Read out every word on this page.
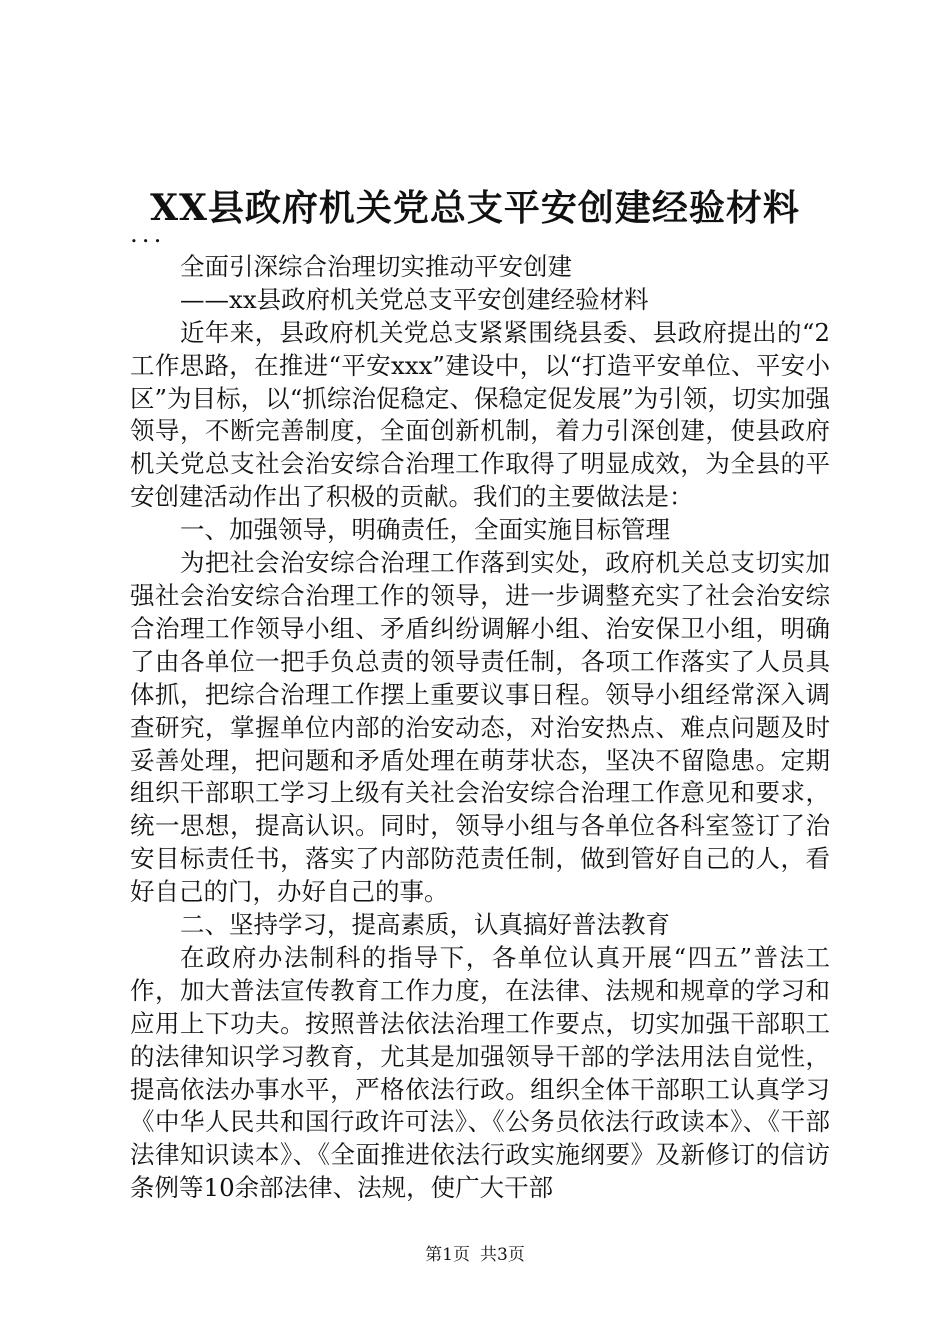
XX县政府机关党总支平安创建经验材料

...

全面引深综合治理切实推动平安创建

——xx县政府机关党总支平安创建经验材料

近年来，县政府机关党总支紧紧围绕县委、县政府提出的“2工作思路，在推进“平安xxx”建设中，以“打造平安单位、平安小区”为目标，以“抓综治促稳定、保稳定促发展”为引领，切实加强领导，不断完善制度，全面创新机制，着力引深创建，使县政府机关党总支社会治安综合治理工作取得了明显成效，为全县的平安创建活动作出了积极的贡献。我们的主要做法是：

一、加强领导，明确责任，全面实施目标管理

为把社会治安综合治理工作落到实处，政府机关总支切实加强社会治安综合治理工作的领导，进一步调整充实了社会治安综合治理工作领导小组、矛盾纠纷调解小组、治安保卫小组，明确了由各单位一把手负总责的领导责任制，各项工作落实了人员具体抓，把综合治理工作摆上重要议事日程。领导小组经常深入调查研究，掌握单位内部的治安动态，对治安热点、难点问题及时妥善处理，把问题和矛盾处理在萌芽状态，坚决不留隐患。定期组织干部职工学习上级有关社会治安综合治理工作意见和要求，统一思想，提高认识。同时，领导小组与各单位各科室签订了治安目标责任书，落实了内部防范责任制，做到管好自己的人，看好自己的门，办好自己的事。

二、坚持学习，提高素质，认真搞好普法教育

在政府办法制科的指导下，各单位认真开展“四五”普法工作，加大普法宣传教育工作力度，在法律、法规和规章的学习和应用上下功夫。按照普法依法治理工作要点，切实加强干部职工的法律知识学习教育，尤其是加强领导干部的学法用法自觉性，提高依法办事水平，严格依法行政。组织全体干部职工认真学习《中华人民共和国行政许可法》、《公务员依法行政读本》、《干部法律知识读本》、《全面推进依法行政实施纲要》及新修订的信访条例等10余部法律、法规，使广大干部

第1页 共3页
